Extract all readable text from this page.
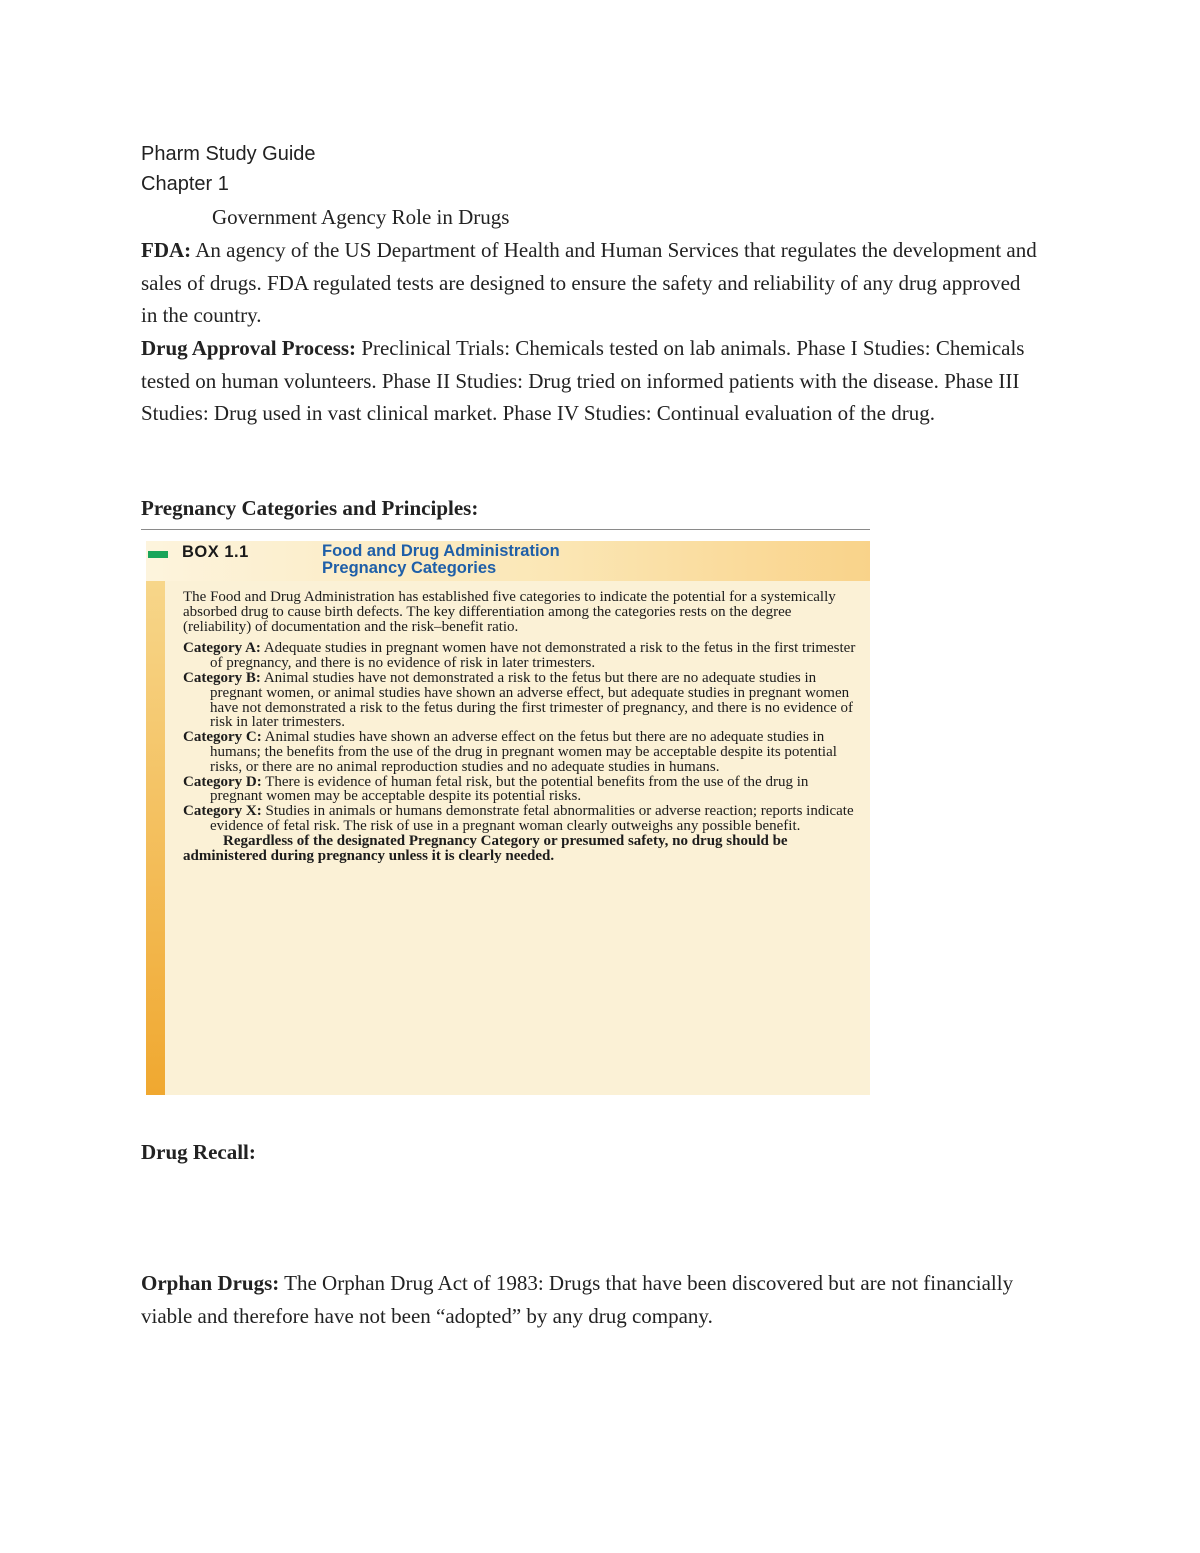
Pharm Study Guide
Chapter 1
Government Agency Role in Drugs
FDA: An agency of the US Department of Health and Human Services that regulates the development and sales of drugs. FDA regulated tests are designed to ensure the safety and reliability of any drug approved in the country.
Drug Approval Process: Preclinical Trials: Chemicals tested on lab animals. Phase I Studies: Chemicals tested on human volunteers. Phase II Studies: Drug tried on informed patients with the disease. Phase III Studies: Drug used in vast clinical market. Phase IV Studies: Continual evaluation of the drug.
Pregnancy Categories and Principles:
BOX 1.1	Food and Drug Administration
Pregnancy Categories

The Food and Drug Administration has established five categories to indicate the potential for a systemically absorbed drug to cause birth defects. The key differentiation among the categories rests on the degree (reliability) of documentation and the risk–benefit ratio.

Category A: Adequate studies in pregnant women have not demonstrated a risk to the fetus in the first trimester of pregnancy, and there is no evidence of risk in later trimesters.

Category B: Animal studies have not demonstrated a risk to the fetus but there are no adequate studies in pregnant women, or animal studies have shown an adverse effect, but adequate studies in pregnant women have not demonstrated a risk to the fetus during the first trimester of pregnancy, and there is no evidence of risk in later trimesters.

Category C: Animal studies have shown an adverse effect on the fetus but there are no adequate studies in humans; the benefits from the use of the drug in pregnant women may be acceptable despite its potential risks, or there are no animal reproduction studies and no adequate studies in humans.

Category D: There is evidence of human fetal risk, but the potential benefits from the use of the drug in pregnant women may be acceptable despite its potential risks.

Category X: Studies in animals or humans demonstrate fetal abnormalities or adverse reaction; reports indicate evidence of fetal risk. The risk of use in a pregnant woman clearly outweighs any possible benefit.

Regardless of the designated Pregnancy Category or presumed safety, no drug should be administered during pregnancy unless it is clearly needed.

Drug Recall:
Orphan Drugs: The Orphan Drug Act of 1983: Drugs that have been discovered but are not financially viable and therefore have not been “adopted” by any drug company.
